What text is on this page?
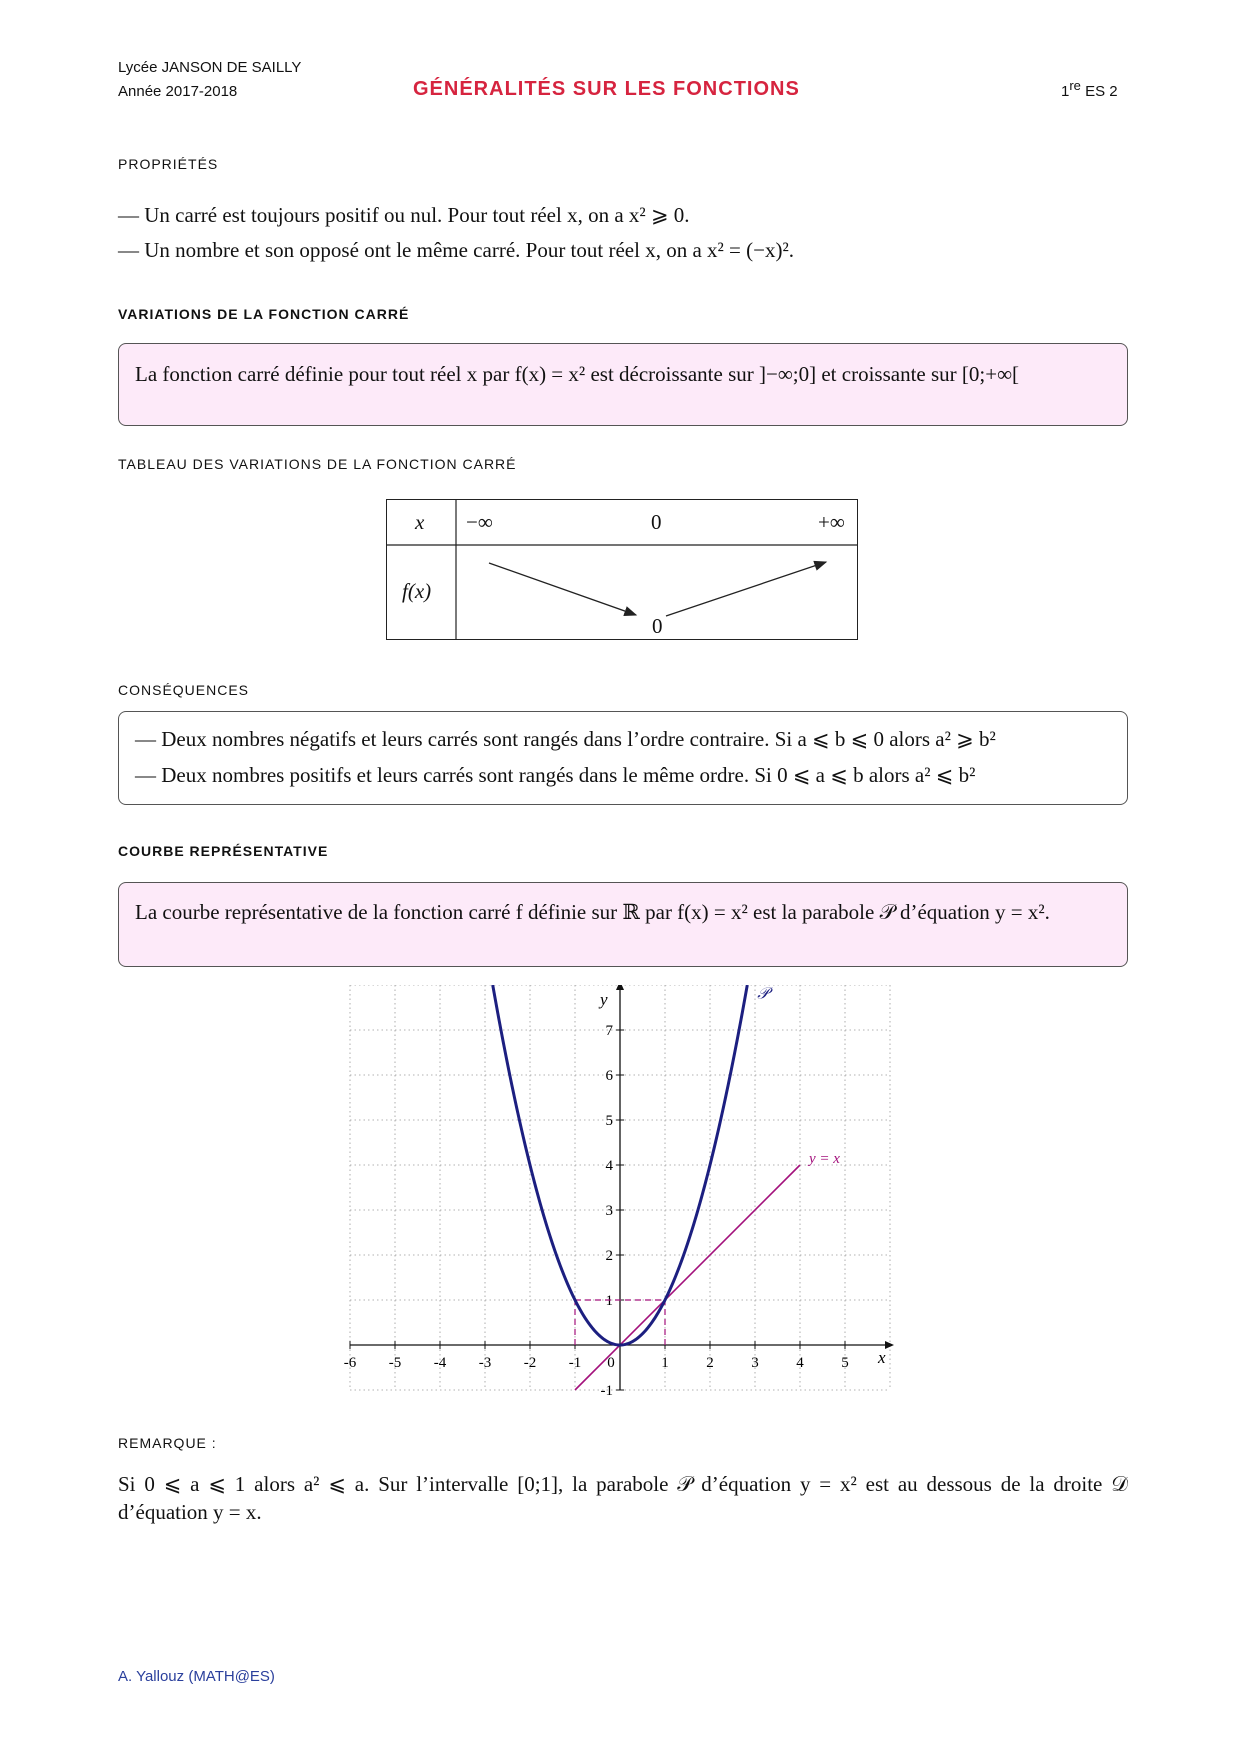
Lycée JANSON DE SAILLY
Année 2017-2018	GÉNÉRALITÉS SUR LES FONCTIONS	1re ES 2
PROPRIÉTÉS
— Un carré est toujours positif ou nul. Pour tout réel x, on a x² ⩾ 0.
— Un nombre et son opposé ont le même carré. Pour tout réel x, on a x² = (−x)².
VARIATIONS DE LA FONCTION CARRÉ
La fonction carré définie pour tout réel x par f(x) = x² est décroissante sur ]−∞;0] et croissante sur [0;+∞[
TABLEAU DES VARIATIONS DE LA FONCTION CARRÉ
x −∞	0	+∞
f(x)
0
CONSÉQUENCES
— Deux nombres négatifs et leurs carrés sont rangés dans l’ordre contraire. Si a ⩽ b ⩽ 0 alors a² ⩾ b²
— Deux nombres positifs et leurs carrés sont rangés dans le même ordre. Si 0 ⩽ a ⩽ b alors a² ⩽ b²
COURBE REPRÉSENTATIVE
La courbe représentative de la fonction carré f définie sur ℝ par f(x) = x² est la parabole 𝒫 d’équation y = x².
-6 -5 -4 -3 -2 -1 0	1	2	3	4	5
-1
1
2
3
4
5
6
7
x
y
y = x
𝒫
REMARQUE :
Si 0 ⩽ a ⩽ 1 alors a² ⩽ a. Sur l’intervalle [0;1], la parabole 𝒫 d’équation y = x² est au dessous de la droite 𝒟 d’équation y = x.
A. Yallouz (MATH@ES)
